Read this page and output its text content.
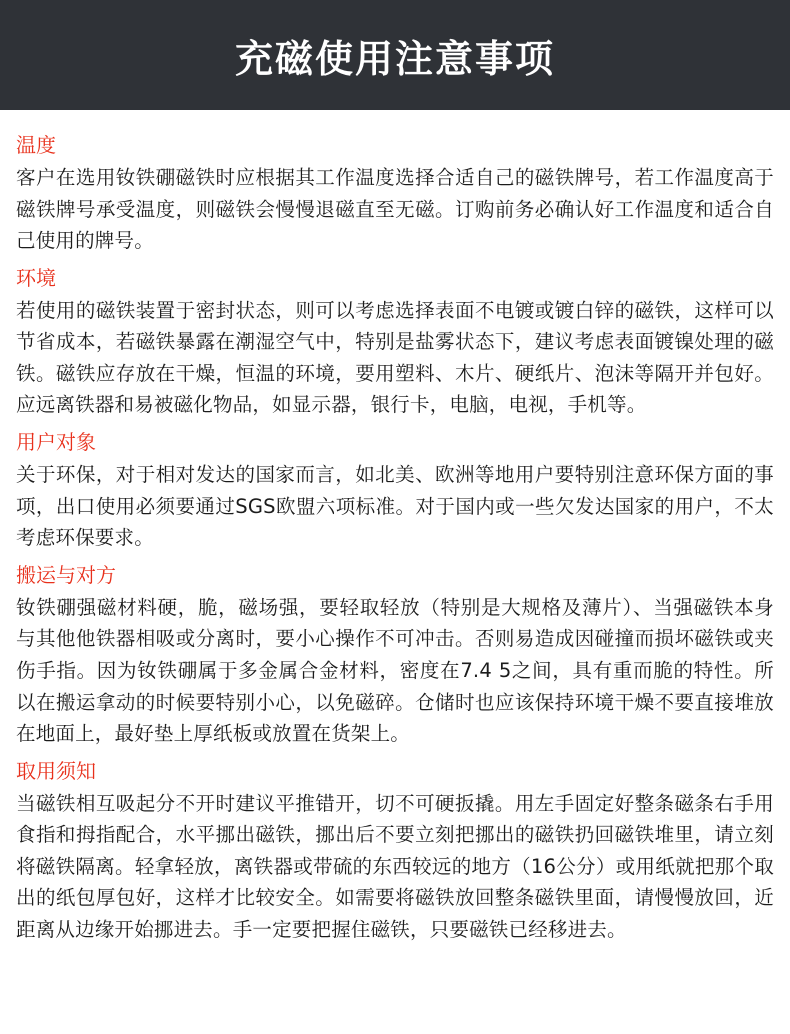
充磁使用注意事项
温度
客户在选用钕铁硼磁铁时应根据其工作温度选择合适自己的磁铁牌号，若工作温度高于磁铁牌号承受温度，则磁铁会慢慢退磁直至无磁。订购前务必确认好工作温度和适合自己使用的牌号。
环境
若使用的磁铁装置于密封状态，则可以考虑选择表面不电镀或镀白锌的磁铁，这样可以节省成本，若磁铁暴露在潮湿空气中，特别是盐雾状态下，建议考虑表面镀镍处理的磁铁。磁铁应存放在干燥，恒温的环境，要用塑料、木片、硬纸片、泡沫等隔开并包好。应远离铁器和易被磁化物品，如显示器，银行卡，电脑，电视，手机等。
用户对象
关于环保，对于相对发达的国家而言，如北美、欧洲等地用户要特别注意环保方面的事项，出口使用必须要通过SGS欧盟六项标准。对于国内或一些欠发达国家的用户，不太考虑环保要求。
搬运与对方
钕铁硼强磁材料硬，脆，磁场强，要轻取轻放（特别是大规格及薄片）、当强磁铁本身与其他他铁器相吸或分离时，要小心操作不可冲击。否则易造成因碰撞而损坏磁铁或夹伤手指。因为钕铁硼属于多金属合金材料，密度在7.4 5之间，具有重而脆的特性。所以在搬运拿动的时候要特别小心，以免磁碎。仓储时也应该保持环境干燥不要直接堆放在地面上，最好垫上厚纸板或放置在货架上。
取用须知
当磁铁相互吸起分不开时建议平推错开，切不可硬扳撬。用左手固定好整条磁条右手用食指和拇指配合，水平挪出磁铁，挪出后不要立刻把挪出的磁铁扔回磁铁堆里，请立刻将磁铁隔离。轻拿轻放，离铁器或带硫的东西较远的地方（16公分）或用纸就把那个取出的纸包厚包好，这样才比较安全。如需要将磁铁放回整条磁铁里面，请慢慢放回，近距离从边缘开始挪进去。手一定要把握住磁铁，只要磁铁已经移进去。
